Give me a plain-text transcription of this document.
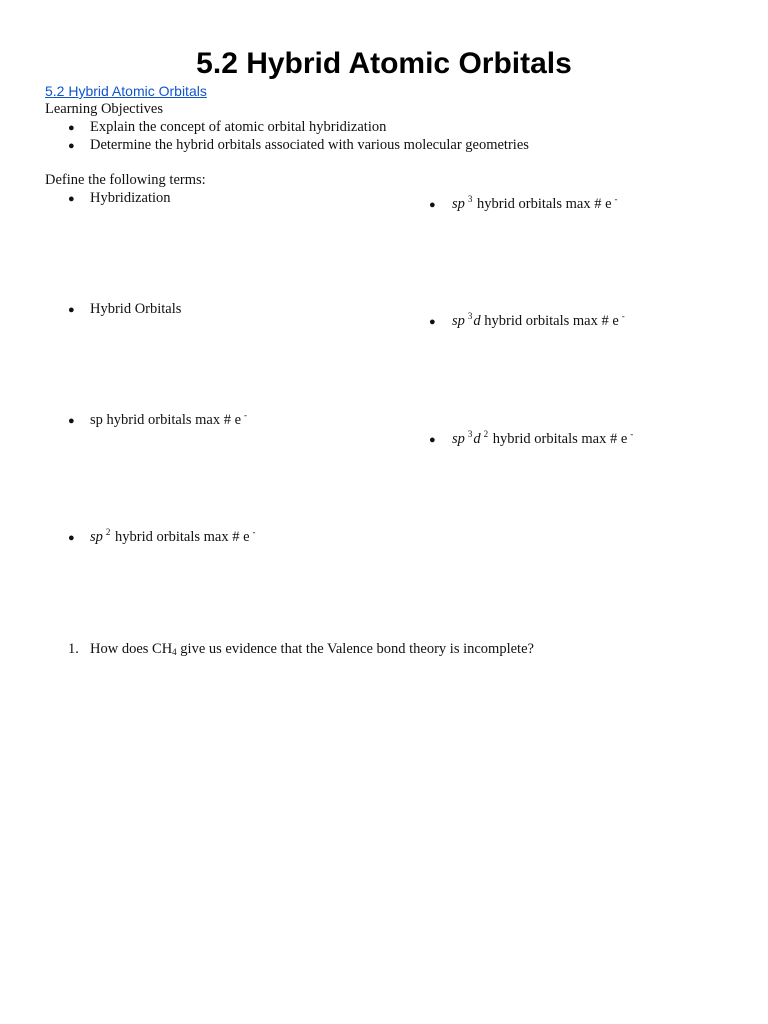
5.2 Hybrid Atomic Orbitals
5.2 Hybrid Atomic Orbitals
Learning Objectives
● Explain the concept of atomic orbital hybridization
● Determine the hybrid orbitals associated with various molecular geometries
Define the following terms:
● Hybridization
● Hybrid Orbitals
● sp hybrid orbitals max # e -
● sp $^2$ hybrid orbitals max # e -
● sp $^3$ hybrid orbitals max # e -
● sp $^3$d hybrid orbitals max # e -
● sp $^3$d $^2$ hybrid orbitals max # e -
1. How does $CH_4$ give us evidence that the Valence bond theory is incomplete?
